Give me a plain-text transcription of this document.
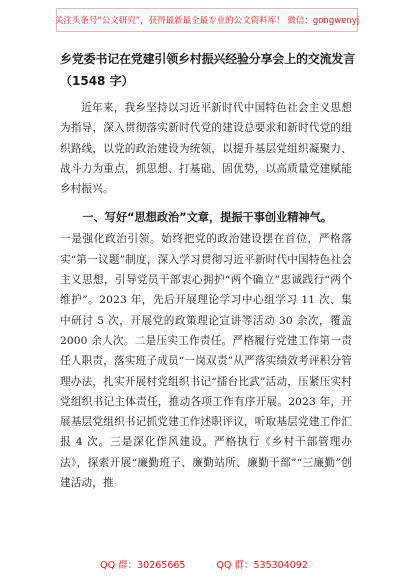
关注头条号“公文研究”，获得最新最全最专业的公文资料库！ 微信：gongwenyj
乡党委书记在党建引领乡村振兴经验分享会上的交流发言
（1548 字）

近年来，我乡坚持以习近平新时代中国特色社会主义思想为指导，深入贯彻落实新时代党的建设总要求和新时代党的组织路线，以党的政治建设为统领，以提升基层党组织凝聚力、战斗力为重点，抓思想、打基础、固优势，以高质量党建赋能乡村振兴。

一、写好“思想政治”文章，提振干事创业精神气。

一是强化政治引领。始终把党的政治建设摆在首位，严格落实“第一议题”制度，深入学习贯彻习近平新时代中国特色社会主义思想，引导党员干部衷心拥护“两个确立”忠诚践行“两个维护”。2023 年，先后开展理论学习中心组学习 11 次、集中研讨 5 次，开展党的政策理论宣讲等活动 30 余次，覆盖 2000 余人次。二是压实工作责任。严格履行党建工作第一责任人职责，落实班子成员“一岗双责”从严落实绩效考评积分管理办法，扎实开展村党组织书记“擂台比武”活动，压紧压实村党组织书记主体责任，推动各项工作有序开展。2023 年，开展基层党组织书记抓党建工作述职评议，听取基层党建工作汇报 4 次。三是深化作风建设。严格执行《乡村干部管理办法》，探索开展“廉勤班子、廉勤站所、廉勤干部”“三廉勤”创建活动，推

QQ 群：30265665	QQ 群：535304092
